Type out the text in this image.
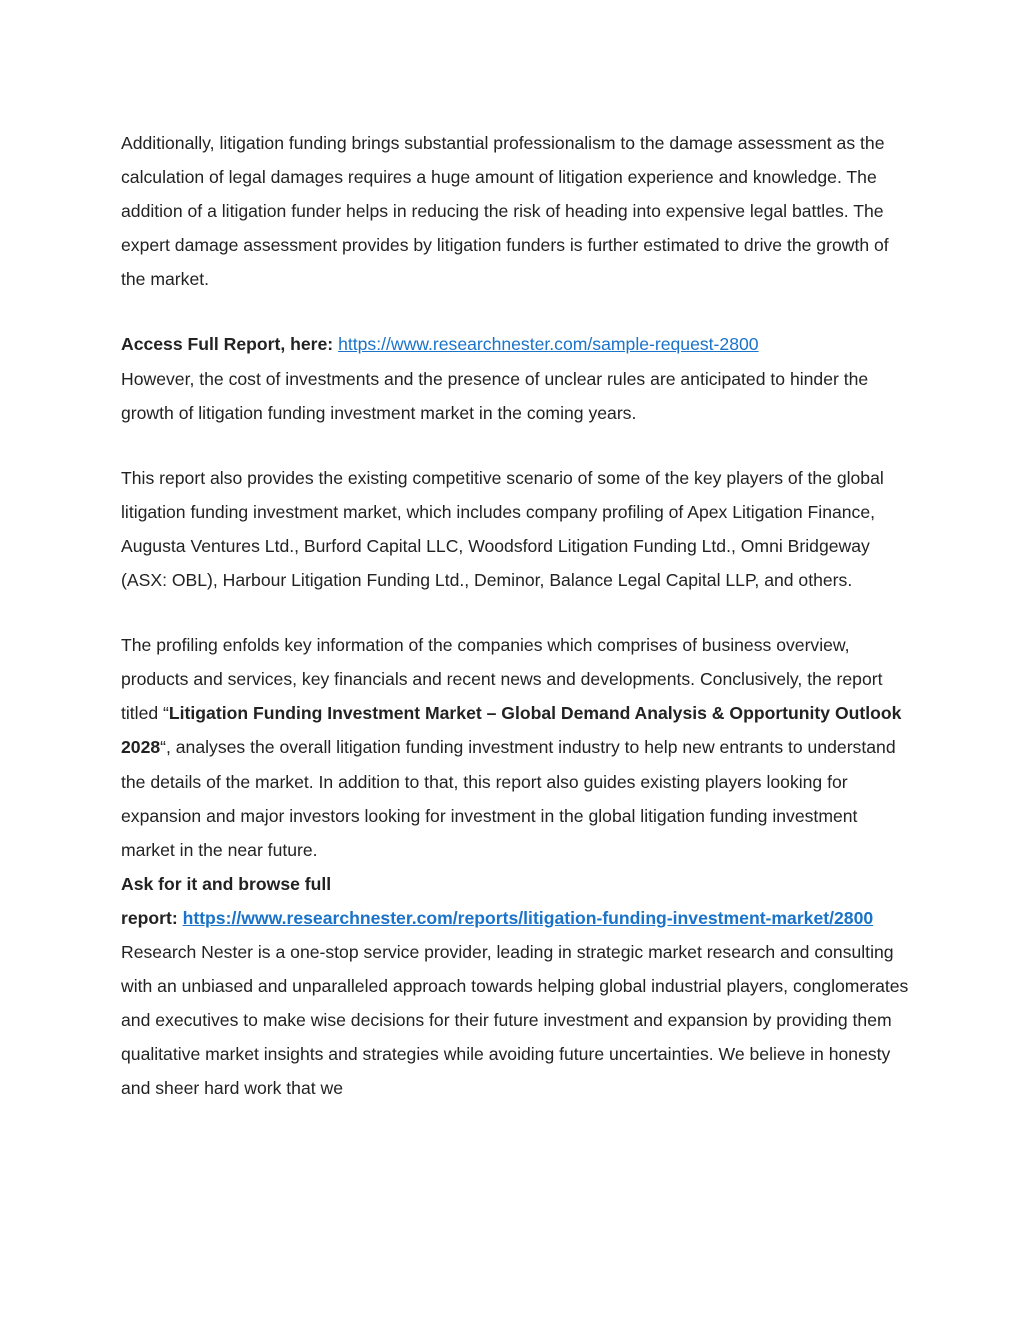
Additionally, litigation funding brings substantial professionalism to the damage assessment as the calculation of legal damages requires a huge amount of litigation experience and knowledge. The addition of a litigation funder helps in reducing the risk of heading into expensive legal battles. The expert damage assessment provides by litigation funders is further estimated to drive the growth of the market.

Access Full Report, here: https://www.researchnester.com/sample-request-2800
However, the cost of investments and the presence of unclear rules are anticipated to hinder the growth of litigation funding investment market in the coming years.

This report also provides the existing competitive scenario of some of the key players of the global litigation funding investment market, which includes company profiling of Apex Litigation Finance, Augusta Ventures Ltd., Burford Capital LLC, Woodsford Litigation Funding Ltd., Omni Bridgeway (ASX: OBL), Harbour Litigation Funding Ltd., Deminor, Balance Legal Capital LLP, and others.

The profiling enfolds key information of the companies which comprises of business overview, products and services, key financials and recent news and developments. Conclusively, the report titled “Litigation Funding Investment Market – Global Demand Analysis & Opportunity Outlook 2028“, analyses the overall litigation funding investment industry to help new entrants to understand the details of the market. In addition to that, this report also guides existing players looking for expansion and major investors looking for investment in the global litigation funding investment market in the near future.

Ask for it and browse full
report: https://www.researchnester.com/reports/litigation-funding-investment-market/2800

Research Nester is a one-stop service provider, leading in strategic market research and consulting with an unbiased and unparalleled approach towards helping global industrial players, conglomerates and executives to make wise decisions for their future investment and expansion by providing them qualitative market insights and strategies while avoiding future uncertainties. We believe in honesty and sheer hard work that we
